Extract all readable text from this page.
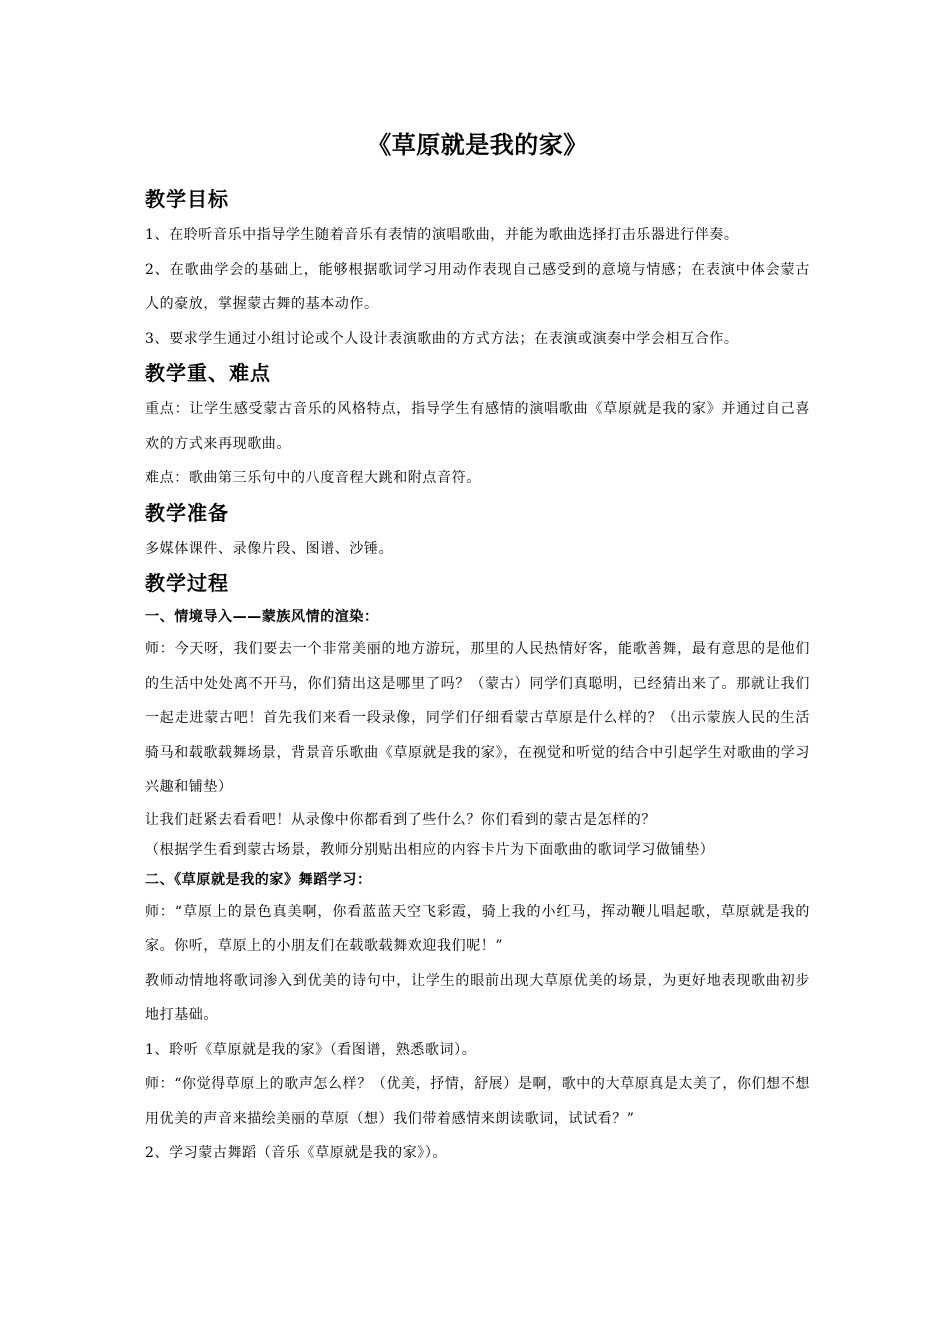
《草原就是我的家》
教学目标

1、在聆听音乐中指导学生随着音乐有表情的演唱歌曲，并能为歌曲选择打击乐器进行伴奏。

2、在歌曲学会的基础上，能够根据歌词学习用动作表现自己感受到的意境与情感；在表演中体会蒙古人的豪放，掌握蒙古舞的基本动作。

3、要求学生通过小组讨论或个人设计表演歌曲的方式方法；在表演或演奏中学会相互合作。

教学重、难点

重点：让学生感受蒙古音乐的风格特点，指导学生有感情的演唱歌曲《草原就是我的家》并通过自己喜欢的方式来再现歌曲。

难点：歌曲第三乐句中的八度音程大跳和附点音符。

教学准备

多媒体课件、录像片段、图谱、沙锤。

教学过程
一、情境导入——蒙族风情的渲染：

师：今天呀，我们要去一个非常美丽的地方游玩，那里的人民热情好客，能歌善舞，最有意思的是他们的生活中处处离不开马，你们猜出这是哪里了吗？（蒙古）同学们真聪明，已经猜出来了。那就让我们一起走进蒙古吧！首先我们来看一段录像，同学们仔细看蒙古草原是什么样的？（出示蒙族人民的生活骑马和载歌载舞场景，背景音乐歌曲《草原就是我的家》，在视觉和听觉的结合中引起学生对歌曲的学习兴趣和铺垫）

让我们赶紧去看看吧！从录像中你都看到了些什么？你们看到的蒙古是怎样的？

（根据学生看到蒙古场景，教师分别贴出相应的内容卡片为下面歌曲的歌词学习做铺垫）

二、《草原就是我的家》舞蹈学习：

师：“草原上的景色真美啊，你看蓝蓝天空飞彩霞，骑上我的小红马，挥动鞭儿唱起歌，草原就是我的家。你听，草原上的小朋友们在载歌载舞欢迎我们呢！”

教师动情地将歌词渗入到优美的诗句中，让学生的眼前出现大草原优美的场景，为更好地表现歌曲初步地打基础。

1、聆听《草原就是我的家》（看图谱，熟悉歌词）。

师：“你觉得草原上的歌声怎么样？（优美，抒情，舒展）是啊，歌中的大草原真是太美了，你们想不想用优美的声音来描绘美丽的草原（想）我们带着感情来朗读歌词，试试看？”

2、学习蒙古舞蹈（音乐《草原就是我的家》）。
